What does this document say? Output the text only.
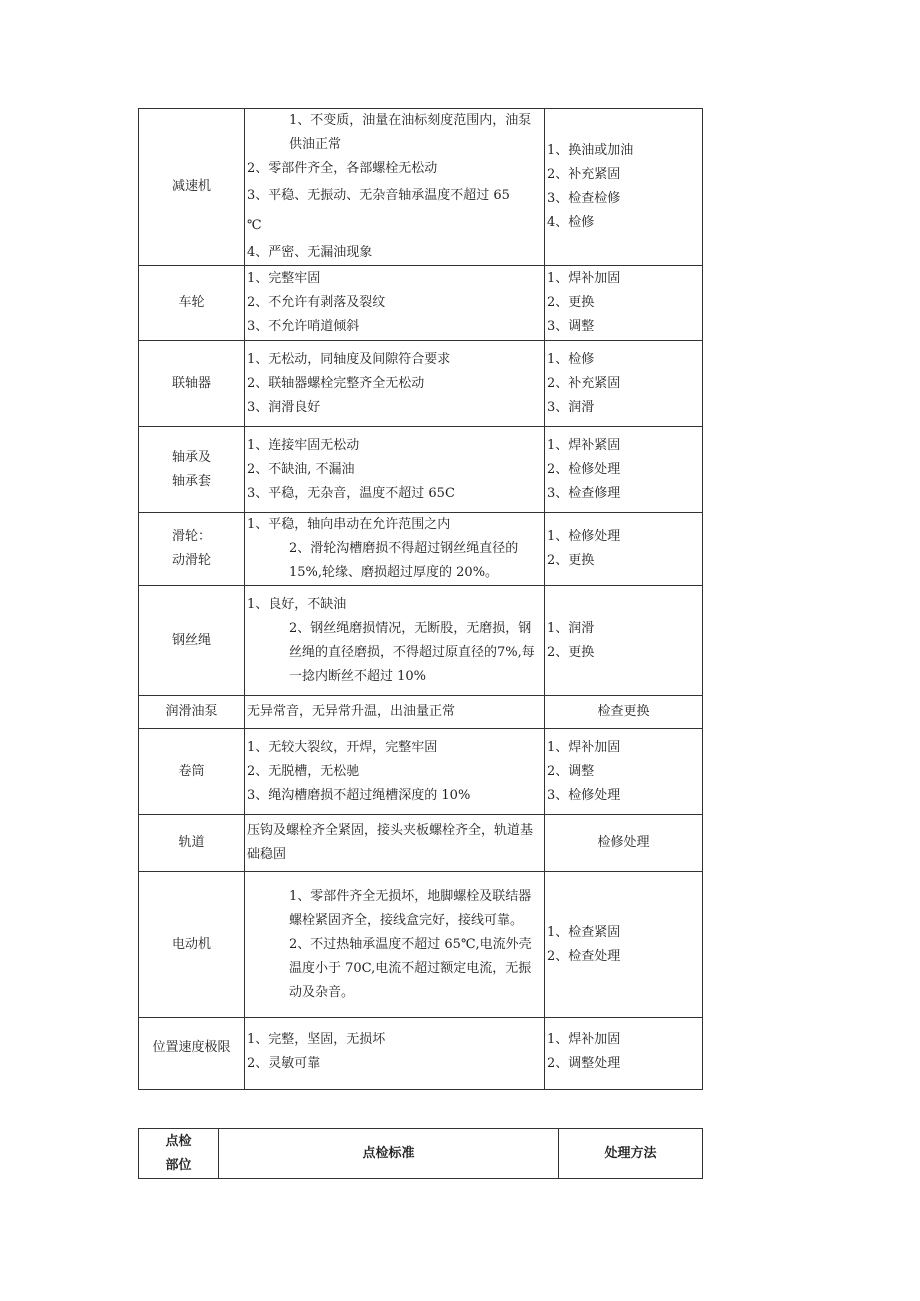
减速机	1、不变质，油量在油标刻度范围内，油泵供油正常
2、零部件齐全，各部螺栓无松动
3、平稳、无振动、无杂音轴承温度不超过 65 ℃
4、严密、无漏油现象	1、换油或加油
2、补充紧固
3、检查检修
4、检修

车轮	1、完整牢固
2、不允许有剥落及裂纹
3、不允许哨道倾斜	1、焊补加固
2、更换
3、调整

联轴器	1、无松动，同轴度及间隙符合要求
2、联轴器螺栓完整齐全无松动
3、润滑良好	1、检修
2、补充紧固
3、润滑

轴承及
轴承套	1、连接牢固无松动
2、不缺油, 不漏油
3、平稳，无杂音，温度不超过 65C	1、焊补紧固
2、检修处理
3、检查修理

滑轮：
动滑轮	1、平稳，轴向串动在允许范围之内
2、滑轮沟槽磨损不得超过钢丝绳直径的15%,轮缘、磨损超过厚度的 20%。	1、检修处理
2、更换

钢丝绳	1、良好，不缺油
2、钢丝绳磨损情况，无断股，无磨损，钢丝绳的直径磨损，不得超过原直径的7%,每一捻内断丝不超过 10%	1、润滑
2、更换

润滑油泵	无异常音，无异常升温，出油量正常	检查更换

卷筒	1、无较大裂纹，开焊，完整牢固
2、无脱槽，无松驰
3、绳沟槽磨损不超过绳槽深度的 10%	1、焊补加固
2、调整
3、检修处理

轨道	压钩及螺栓齐全紧固，接头夹板螺栓齐全，轨道基础稳固	检修处理

电动机	1、零部件齐全无损坏，地脚螺栓及联结器螺栓紧固齐全，接线盒完好，接线可靠。
2、不过热轴承温度不超过 65℃,电流外壳温度小于 70C,电流不超过额定电流，无振动及杂音。	1、检查紧固
2、检查处理

位置速度极限	1、完整，坚固，无损坏
2、灵敏可靠	1、焊补加固
2、调整处理
点检
部位
	点检标准	处理方法
